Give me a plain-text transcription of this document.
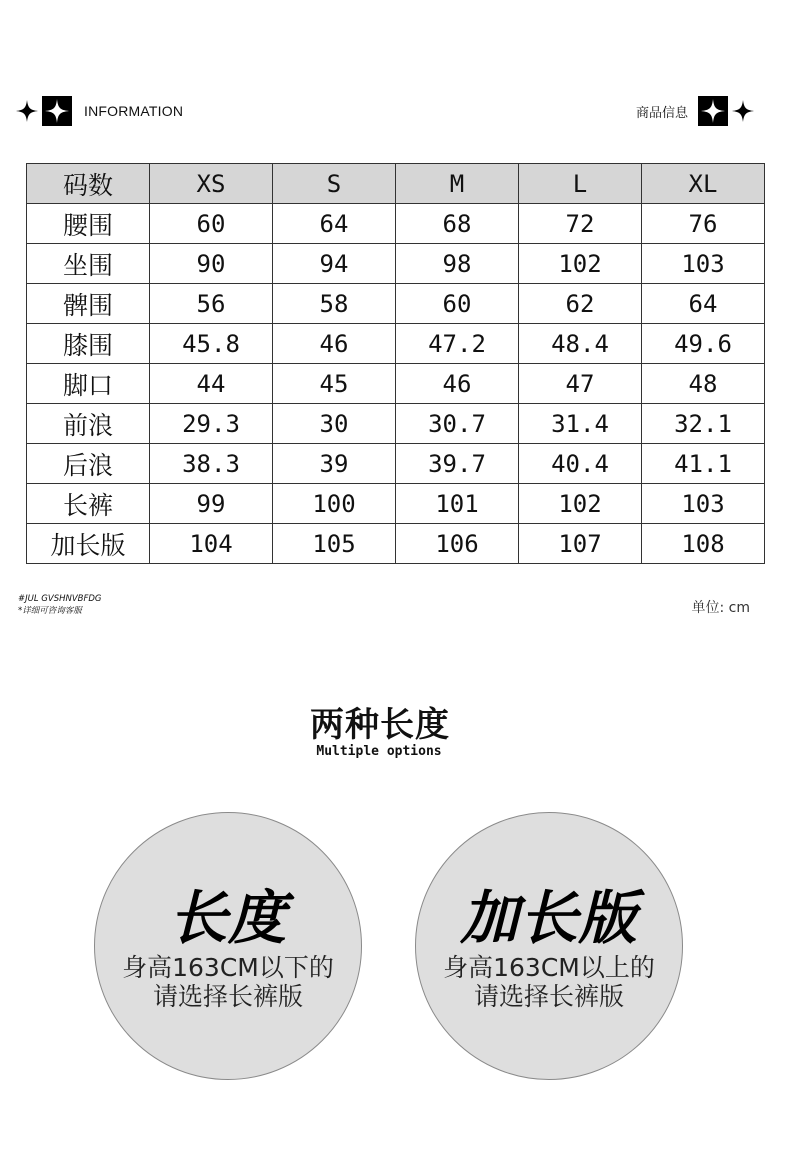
INFORMATION	商品信息
码数	XS	S	M	L	XL
腰围	60	64	68	72	76
坐围	90	94	98	102	103
髀围	56	58	60	62	64
膝围	45.8	46	47.2	48.4	49.6
脚口	44	45	46	47	48
前浪	29.3	30	30.7	31.4	32.1
后浪	38.3	39	39.7	40.4	41.1
长裤	99	100	101	102	103
加长版	104	105	106	107	108
#JUL GVSHNVBFDG
*详细可咨询客服	单位: cm
两种长度
Multiple options
长度
身高163CM以下的
请选择长裤版
加长版
身高163CM以上的
请选择长裤版
